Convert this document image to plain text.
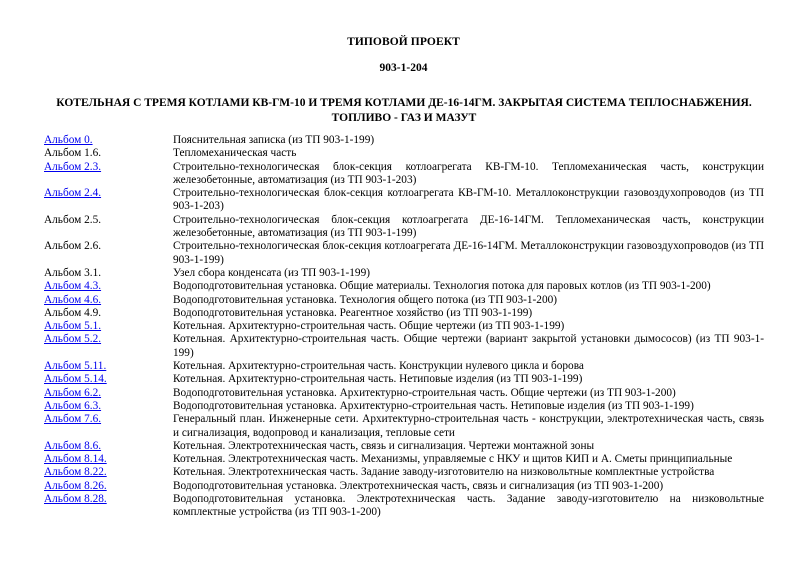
ТИПОВОЙ ПРОЕКТ
903-1-204
КОТЕЛЬНАЯ С ТРЕМЯ КОТЛАМИ КВ-ГМ-10 И ТРЕМЯ КОТЛАМИ ДЕ-16-14ГМ. ЗАКРЫТАЯ СИСТЕМА ТЕПЛОСНАБЖЕНИЯ. ТОПЛИВО - ГАЗ И МАЗУТ
Альбом 0.	Пояснительная записка (из ТП 903-1-199)
Альбом 1.6.	Тепломеханическая часть
Альбом 2.3.	Строительно-технологическая блок-секция котлоагрегата КВ-ГМ-10. Тепломеханическая часть, конструкции железобетонные, автоматизация (из ТП 903-1-203)
Альбом 2.4.	Строительно-технологическая блок-секция котлоагрегата КВ-ГМ-10. Металлоконструкции газовоздухопроводов (из ТП 903-1-203)
Альбом 2.5.	Строительно-технологическая блок-секция котлоагрегата ДЕ-16-14ГМ. Тепломеханическая часть, конструкции железобетонные, автоматизация (из ТП 903-1-199)
Альбом 2.6.	Строительно-технологическая блок-секция котлоагрегата ДЕ-16-14ГМ. Металлоконструкции газовоздухопроводов (из ТП 903-1-199)
Альбом 3.1.	Узел сбора конденсата (из ТП 903-1-199)
Альбом 4.3.	Водоподготовительная установка. Общие материалы. Технология потока для паровых котлов (из ТП 903-1-200)
Альбом 4.6.	Водоподготовительная установка. Технология общего потока (из ТП 903-1-200)
Альбом 4.9.	Водоподготовительная установка. Реагентное хозяйство (из ТП 903-1-199)
Альбом 5.1.	Котельная. Архитектурно-строительная часть. Общие чертежи (из ТП 903-1-199)
Альбом 5.2.	Котельная. Архитектурно-строительная часть. Общие чертежи (вариант закрытой установки дымососов) (из ТП 903-1-199)
Альбом 5.11.	Котельная. Архитектурно-строительная часть. Конструкции нулевого цикла и борова
Альбом 5.14.	Котельная. Архитектурно-строительная часть. Нетиповые изделия (из ТП 903-1-199)
Альбом 6.2.	Водоподготовительная установка. Архитектурно-строительная часть. Общие чертежи (из ТП 903-1-200)
Альбом 6.3.	Водоподготовительная установка. Архитектурно-строительная часть. Нетиповые изделия (из ТП 903-1-199)
Альбом 7.6.	Генеральный план. Инженерные сети. Архитектурно-строительная часть - конструкции, электротехническая часть, связь и сигнализация, водопровод и канализация, тепловые сети
Альбом 8.6.	Котельная. Электротехническая часть, связь и сигнализация. Чертежи монтажной зоны
Альбом 8.14.	Котельная. Электротехническая часть. Механизмы, управляемые с НКУ и щитов КИП и А. Сметы принципиальные
Альбом 8.22.	Котельная. Электротехническая часть. Задание заводу-изготовителю на низковольтные комплектные устройства
Альбом 8.26.	Водоподготовительная установка. Электротехническая часть, связь и сигнализация (из ТП 903-1-200)
Альбом 8.28.	Водоподготовительная установка. Электротехническая часть. Задание заводу-изготовителю на низковольтные комплектные устройства (из ТП 903-1-200)
